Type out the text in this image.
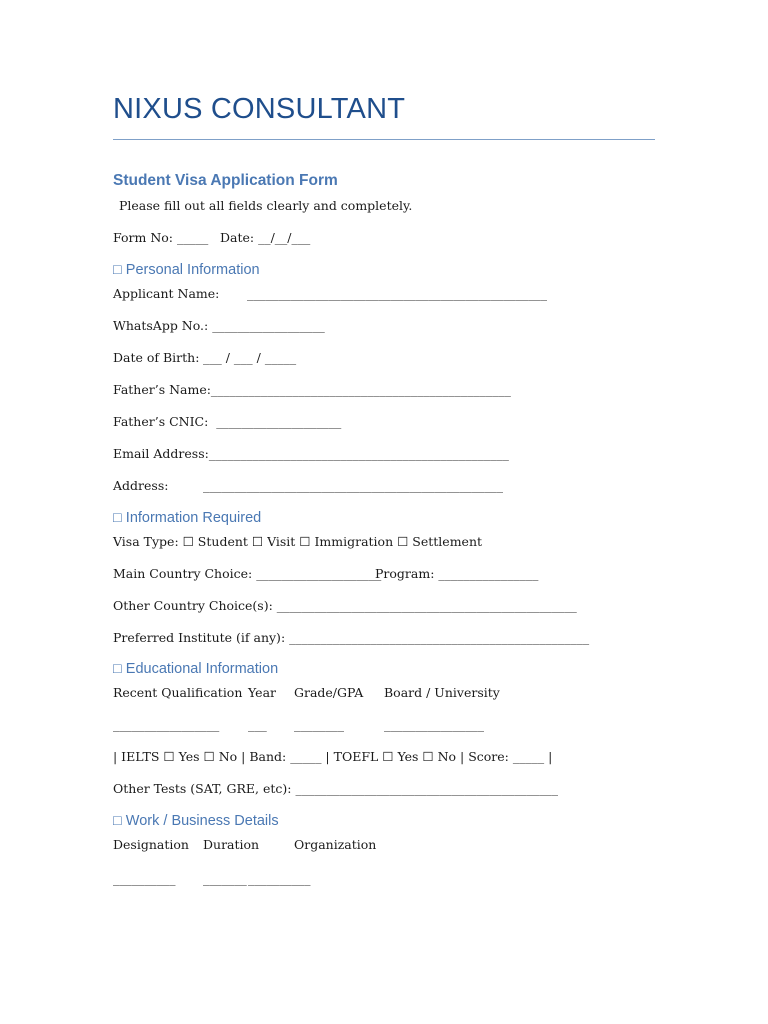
NIXUS CONSULTANT
Student Visa Application Form
Please fill out all fields clearly and completely.
Form No: _____ Date: __/__/___
□ Personal Information
Applicant Name: ________________________________________________
WhatsApp No.: __________________
Date of Birth: ___ / ___ / _____
Father’s Name:________________________________________________
Father’s CNIC:  ____________________
Email Address:________________________________________________
Address:	________________________________________________
□ Information Required
Visa Type: ☐ Student ☐ Visit ☐ Immigration ☐ Settlement
Main Country Choice: ____________________
Program: ________________
Other Country Choice(s): ________________________________________________
Preferred Institute (if any): ________________________________________________
□ Educational Information
Recent Qualification Year Grade/GPA Board / University
_________________ ___ ________	________________
| IELTS ☐ Yes ☐ No | Band: _____ | TOEFL ☐ Yes ☐ No | Score: _____ |
Other Tests (SAT, GRE, etc): __________________________________________
□ Work / Business Details
Designation Duration	Organization
__________ _______ __________
